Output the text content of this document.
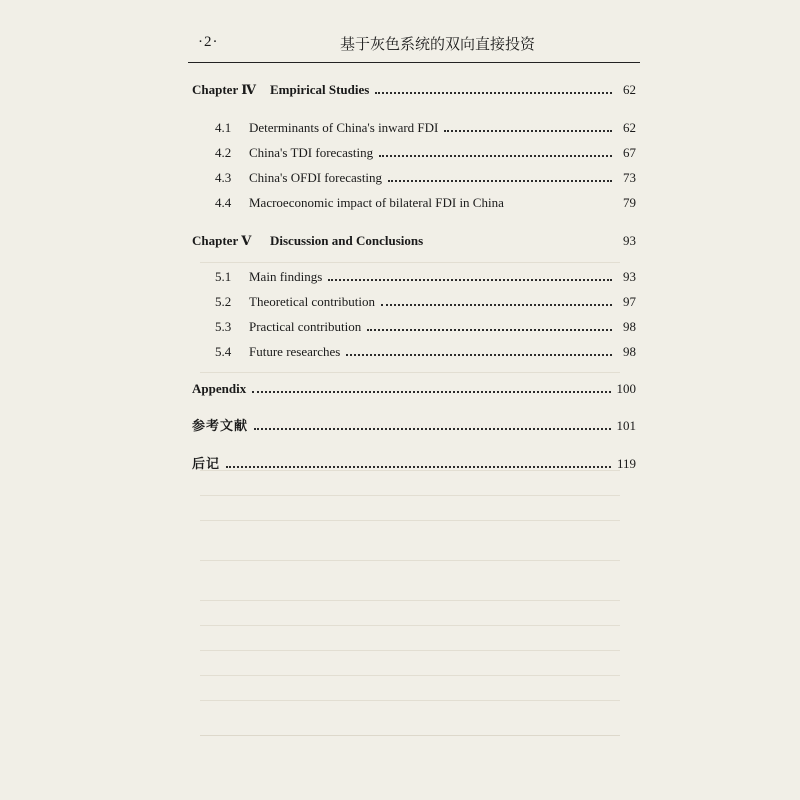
·2·	基于灰色系统的双向直接投资
Chapter Ⅳ	Empirical Studies	62
4.1	Determinants of China's inward FDI	62
4.2	China's TDI forecasting	67
4.3	China's OFDI forecasting	73
4.4	Macroeconomic impact of bilateral FDI in China	79
Chapter Ⅴ	Discussion and Conclusions	93
5.1	Main findings	93
5.2	Theoretical contribution	97
5.3	Practical contribution	98
5.4	Future researches	98
Appendix	100
参考文献	101
后记	119
